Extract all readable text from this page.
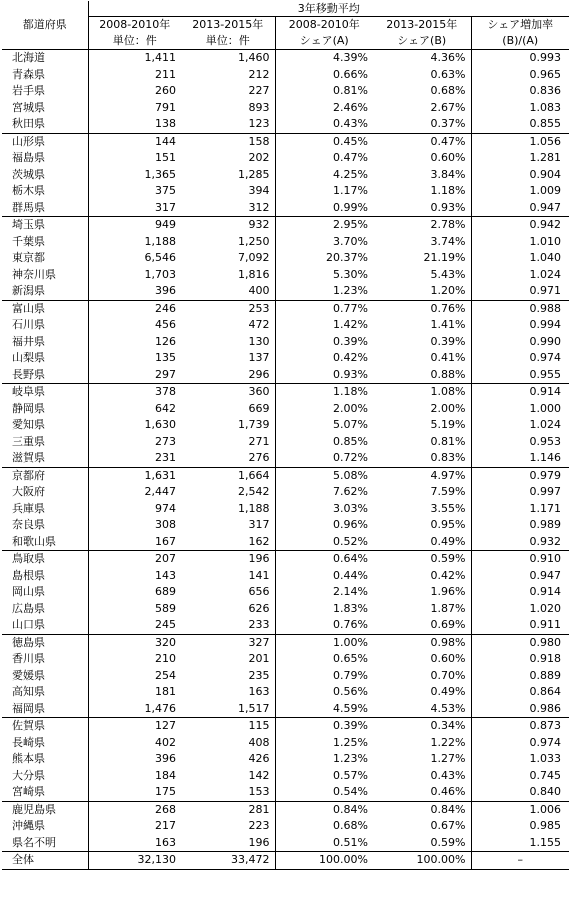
都道府県	3年移動平均				
	2008-2010年	2013-2015年	2008-2010年	2013-2015年	シェア増加率
	単位：件	単位：件	シェア(A)	シェア(B)	(B)/(A)
北海道	1,411	1,460	4.39%	4.36%	0.993
青森県	211	212	0.66%	0.63%	0.965
岩手県	260	227	0.81%	0.68%	0.836
宮城県	791	893	2.46%	2.67%	1.083
秋田県	138	123	0.43%	0.37%	0.855
山形県	144	158	0.45%	0.47%	1.056
福島県	151	202	0.47%	0.60%	1.281
茨城県	1,365	1,285	4.25%	3.84%	0.904
栃木県	375	394	1.17%	1.18%	1.009
群馬県	317	312	0.99%	0.93%	0.947
埼玉県	949	932	2.95%	2.78%	0.942
千葉県	1,188	1,250	3.70%	3.74%	1.010
東京都	6,546	7,092	20.37%	21.19%	1.040
神奈川県	1,703	1,816	5.30%	5.43%	1.024
新潟県	396	400	1.23%	1.20%	0.971
富山県	246	253	0.77%	0.76%	0.988
石川県	456	472	1.42%	1.41%	0.994
福井県	126	130	0.39%	0.39%	0.990
山梨県	135	137	0.42%	0.41%	0.974
長野県	297	296	0.93%	0.88%	0.955
岐阜県	378	360	1.18%	1.08%	0.914
静岡県	642	669	2.00%	2.00%	1.000
愛知県	1,630	1,739	5.07%	5.19%	1.024
三重県	273	271	0.85%	0.81%	0.953
滋賀県	231	276	0.72%	0.83%	1.146
京都府	1,631	1,664	5.08%	4.97%	0.979
大阪府	2,447	2,542	7.62%	7.59%	0.997
兵庫県	974	1,188	3.03%	3.55%	1.171
奈良県	308	317	0.96%	0.95%	0.989
和歌山県	167	162	0.52%	0.49%	0.932
鳥取県	207	196	0.64%	0.59%	0.910
島根県	143	141	0.44%	0.42%	0.947
岡山県	689	656	2.14%	1.96%	0.914
広島県	589	626	1.83%	1.87%	1.020
山口県	245	233	0.76%	0.69%	0.911
徳島県	320	327	1.00%	0.98%	0.980
香川県	210	201	0.65%	0.60%	0.918
愛媛県	254	235	0.79%	0.70%	0.889
高知県	181	163	0.56%	0.49%	0.864
福岡県	1,476	1,517	4.59%	4.53%	0.986
佐賀県	127	115	0.39%	0.34%	0.873
長崎県	402	408	1.25%	1.22%	0.974
熊本県	396	426	1.23%	1.27%	1.033
大分県	184	142	0.57%	0.43%	0.745
宮崎県	175	153	0.54%	0.46%	0.840
鹿児島県	268	281	0.84%	0.84%	1.006
沖縄県	217	223	0.68%	0.67%	0.985
県名不明	163	196	0.51%	0.59%	1.155
全体	32,130	33,472	100.00%	100.00%	–
